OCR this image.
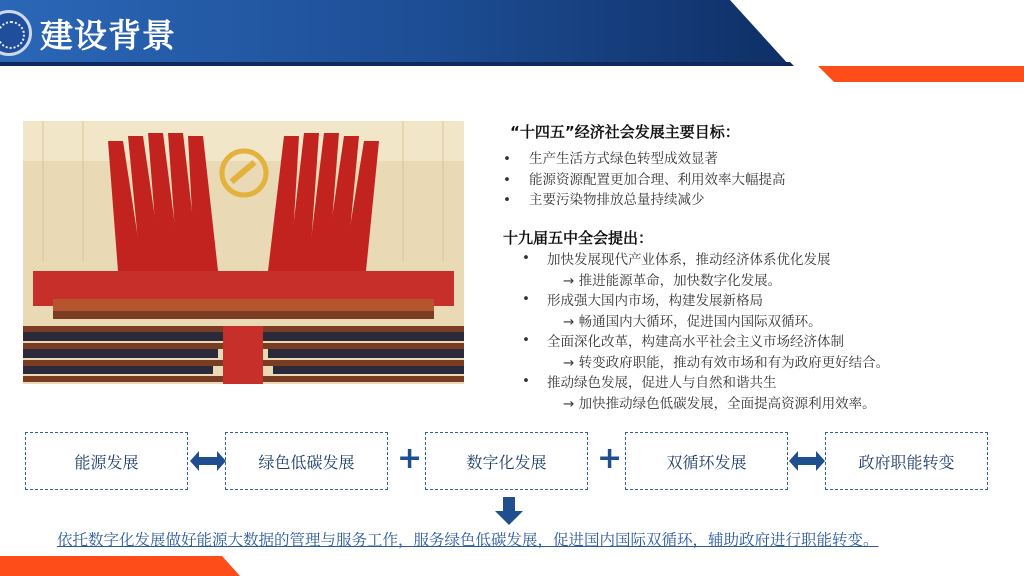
建设背景
“十四五”经济社会发展主要目标：
• 生产生活方式绿色转型成效显著
• 能源资源配置更加合理、利用效率大幅提高
• 主要污染物排放总量持续减少
十九届五中全会提出：
• 加快发展现代产业体系，推动经济体系优化发展
→ 推进能源革命，加快数字化发展。
• 形成强大国内市场，构建发展新格局
→ 畅通国内大循环，促进国内国际双循环。
• 全面深化改革，构建高水平社会主义市场经济体制
→ 转变政府职能，推动有效市场和有为政府更好结合。
• 推动绿色发展，促进人与自然和谐共生
→ 加快推动绿色低碳发展，全面提高资源利用效率。
能源发展	绿色低碳发展	数字化发展	双循环发展	政府职能转变
+	+

依托数字化发展做好能源大数据的管理与服务工作，服务绿色低碳发展，促进国内国际双循环，辅助政府进行职能转变。
